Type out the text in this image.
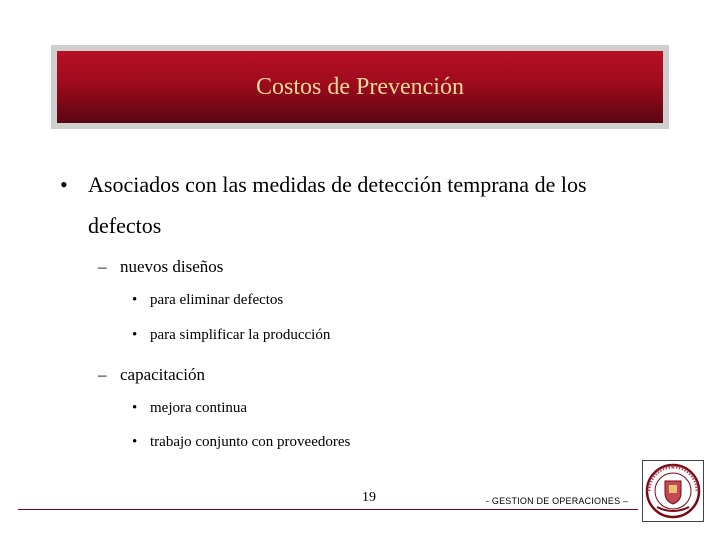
Costos de Prevención
• Asociados con las medidas de detección temprana de los
defectos
– nuevos diseños
• para eliminar defectos
• para simplificar la producción
– capacitación
• mejora continua
• trabajo conjunto con proveedores
19	- GESTION DE OPERACIONES –
